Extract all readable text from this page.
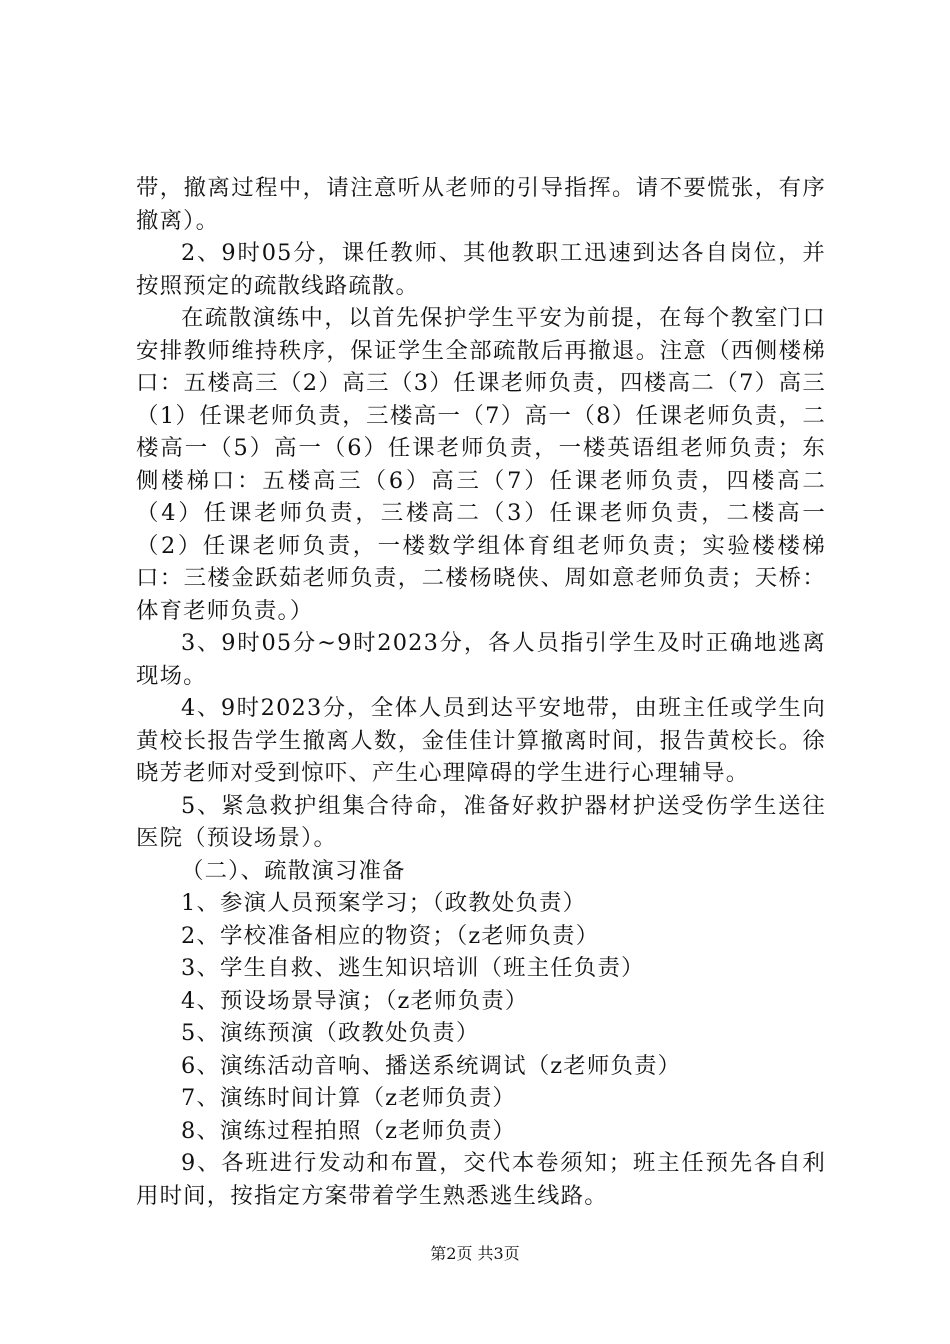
带，撤离过程中，请注意听从老师的引导指挥。请不要慌张，有序撤离）。

2、9时05分，课任教师、其他教职工迅速到达各自岗位，并按照预定的疏散线路疏散。

在疏散演练中，以首先保护学生平安为前提，在每个教室门口安排教师维持秩序，保证学生全部疏散后再撤退。注意（西侧楼梯口：五楼高三（2）高三（3）任课老师负责，四楼高二（7）高三（1）任课老师负责，三楼高一（7）高一（8）任课老师负责，二楼高一（5）高一（6）任课老师负责，一楼英语组老师负责；东侧楼梯口：五楼高三（6）高三（7）任课老师负责，四楼高二（4）任课老师负责，三楼高二（3）任课老师负责，二楼高一（2）任课老师负责，一楼数学组体育组老师负责；实验楼楼梯口：三楼金跃茹老师负责，二楼杨晓侠、周如意老师负责；天桥：体育老师负责。）

3、9时05分~9时2023分，各人员指引学生及时正确地逃离现场。

4、9时2023分，全体人员到达平安地带，由班主任或学生向黄校长报告学生撤离人数，金佳佳计算撤离时间，报告黄校长。徐晓芳老师对受到惊吓、产生心理障碍的学生进行心理辅导。

5、紧急救护组集合待命，准备好救护器材护送受伤学生送往医院（预设场景）。

（二）、疏散演习准备

1、参演人员预案学习；（政教处负责）

2、学校准备相应的物资；（z老师负责）

3、学生自救、逃生知识培训（班主任负责）

4、预设场景导演；（z老师负责）

5、演练预演（政教处负责）

6、演练活动音响、播送系统调试（z老师负责）

7、演练时间计算（z老师负责）

8、演练过程拍照（z老师负责）

9、各班进行发动和布置，交代本卷须知；班主任预先各自利用时间，按指定方案带着学生熟悉逃生线路。

第2页 共3页
